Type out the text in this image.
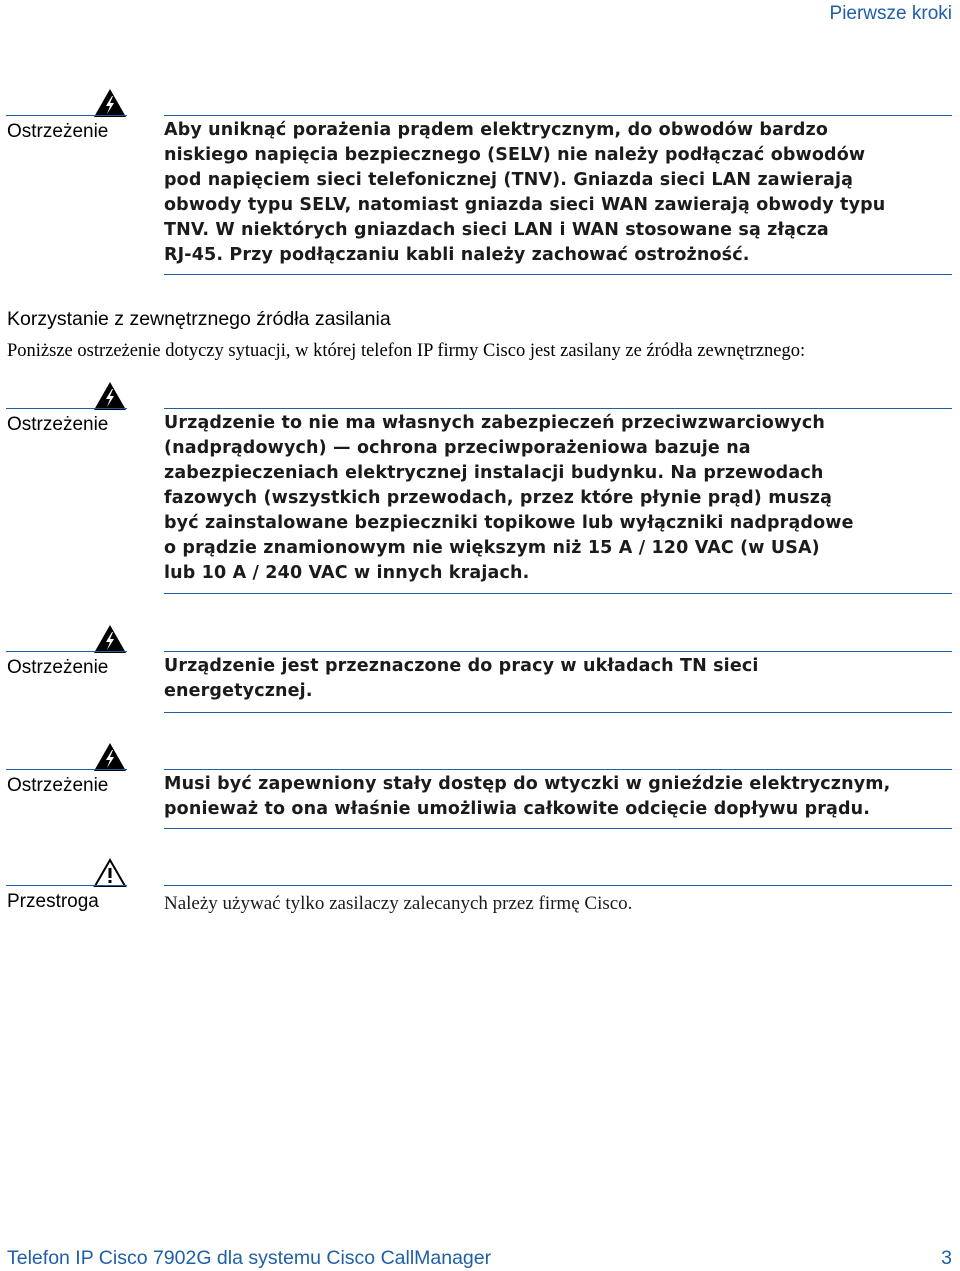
Pierwsze kroki
Ostrzeżenie	Aby uniknąć porażenia prądem elektrycznym, do obwodów bardzo
niskiego napięcia bezpiecznego (SELV) nie należy podłączać obwodów
pod napięciem sieci telefonicznej (TNV). Gniazda sieci LAN zawierają
obwody typu SELV, natomiast gniazda sieci WAN zawierają obwody typu
TNV. W niektórych gniazdach sieci LAN i WAN stosowane są złącza
RJ-45. Przy podłączaniu kabli należy zachować ostrożność.
Korzystanie z zewnętrznego źródła zasilania
Poniższe ostrzeżenie dotyczy sytuacji, w której telefon IP firmy Cisco jest zasilany ze źródła zewnętrznego:
Ostrzeżenie	Urządzenie to nie ma własnych zabezpieczeń przeciwzwarciowych
(nadprądowych) — ochrona przeciwporażeniowa bazuje na
zabezpieczeniach elektrycznej instalacji budynku. Na przewodach
fazowych (wszystkich przewodach, przez które płynie prąd) muszą
być zainstalowane bezpieczniki topikowe lub wyłączniki nadprądowe
o prądzie znamionowym nie większym niż 15 A / 120 VAC (w USA)
lub 10 A / 240 VAC w innych krajach.
Ostrzeżenie	Urządzenie jest przeznaczone do pracy w układach TN sieci
energetycznej.
Ostrzeżenie	Musi być zapewniony stały dostęp do wtyczki w gnieździe elektrycznym,
ponieważ to ona właśnie umożliwia całkowite odcięcie dopływu prądu.
Przestroga	Należy używać tylko zasilaczy zalecanych przez firmę Cisco.
Telefon IP Cisco 7902G dla systemu Cisco CallManager	3
